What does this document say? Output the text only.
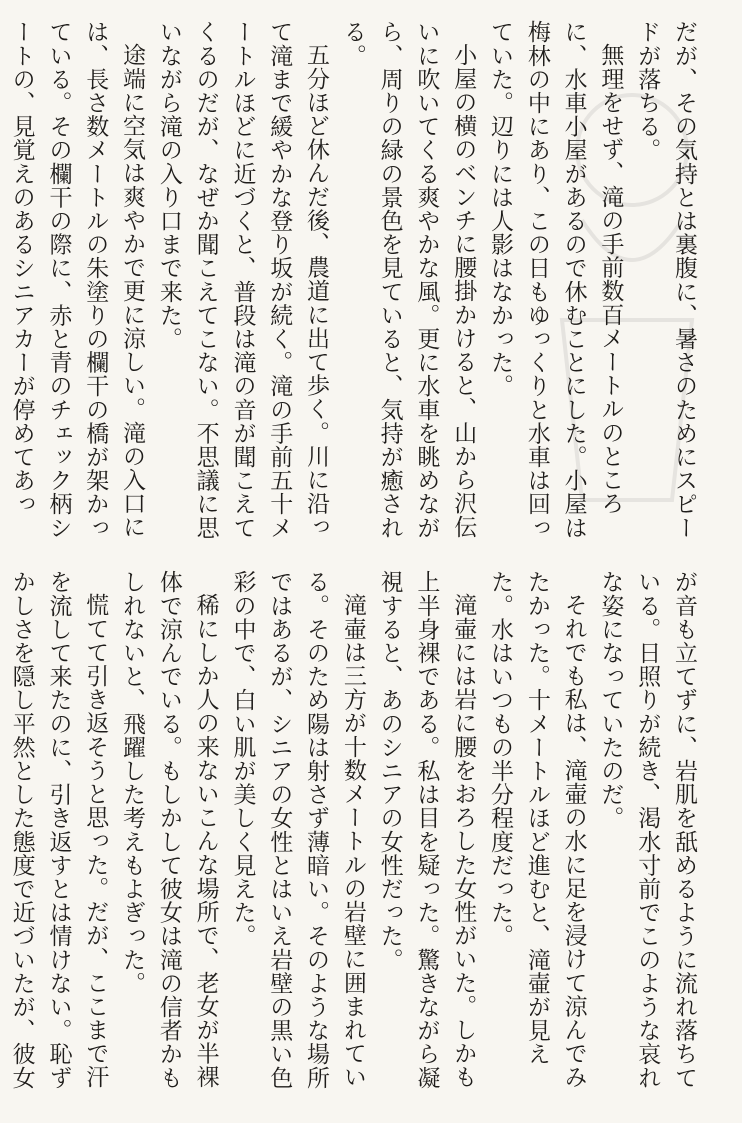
だが、その気持とは裏腹に、暑さのためにスピードが落ちる。

無理をせず、滝の手前数百メートルのところに、水車小屋があるので休むことにした。小屋は梅林の中にあり、この日もゆっくりと水車は回っていた。辺りには人影はなかった。

小屋の横のベンチに腰掛かけると、山から沢伝いに吹いてくる爽やかな風。更に水車を眺めながら、周りの緑の景色を見ていると、気持が癒される。

五分ほど休んだ後、農道に出て歩く。川に沿って滝まで緩やかな登り坂が続く。滝の手前五十メートルほどに近づくと、普段は滝の音が聞こえてくるのだが、なぜか聞こえてこない。不思議に思いながら滝の入り口まで来た。

途端に空気は爽やかで更に涼しい。滝の入口には、長さ数メートルの朱塗りの欄干の橋が架かっている。その欄干の際に、赤と青のチェック柄シートの、見覚えのあるシニアカーが停めてあっ

が音も立てずに、岩肌を舐めるように流れ落ちている。日照りが続き、渇水寸前でこのような哀れな姿になっていたのだ。

それでも私は、滝壷の水に足を浸けて涼んでみたかった。十メートルほど進むと、滝壷が見えた。水はいつもの半分程度だった。

滝壷には岩に腰をおろした女性がいた。しかも上半身裸である。私は目を疑った。驚きながら凝視すると、あのシニアの女性だった。

滝壷は三方が十数メートルの岩壁に囲まれている。そのため陽は射さず薄暗い。そのような場所ではあるが、シニアの女性とはいえ岩壁の黒い色彩の中で、白い肌が美しく見えた。

稀にしか人の来ないこんな場所で、老女が半裸体で涼んでいる。もしかして彼女は滝の信者かもしれないと、飛躍した考えもよぎった。

慌てて引き返そうと思った。だが、ここまで汗を流して来たのに、引き返すとは情けない。恥ずかしさを隠し平然とした態度で近づいたが、彼女　
